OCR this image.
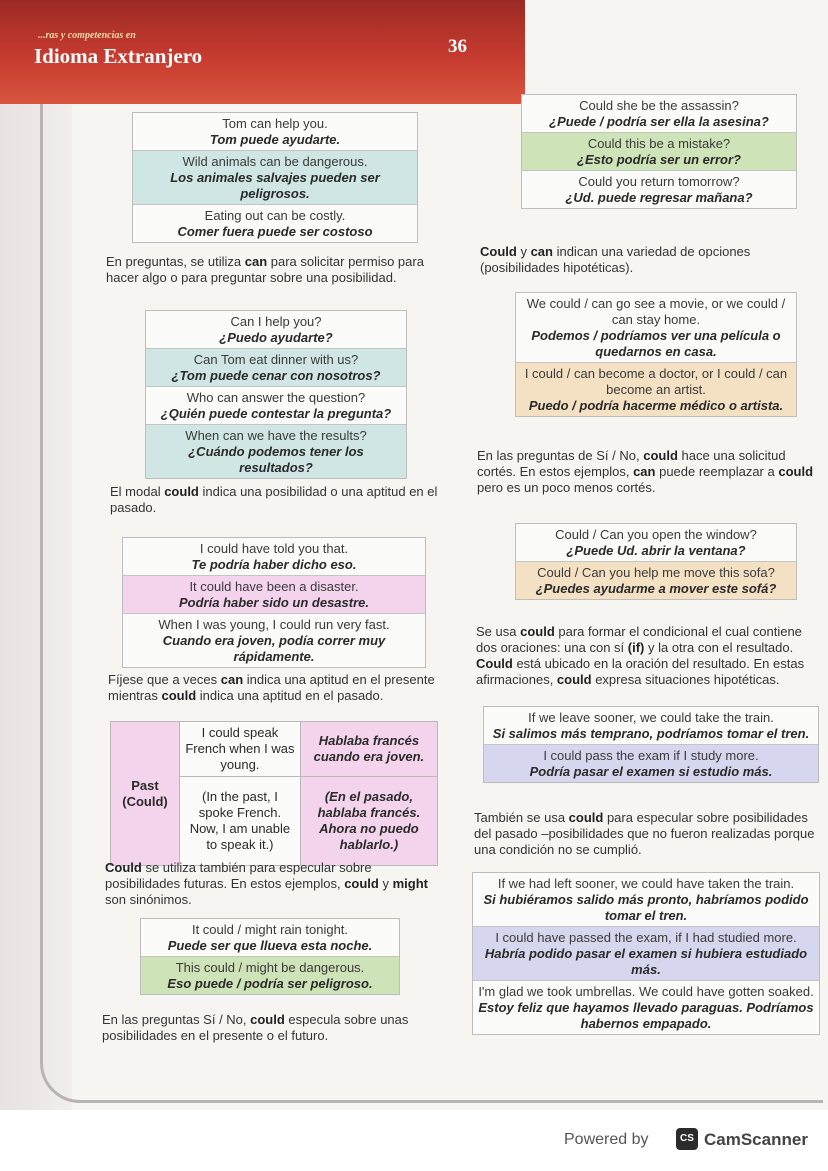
...ras y competencias en
Idioma Extranjero	36
Tom can help you.
Tom puede ayudarte.
Wild animals can be dangerous.
Los animales salvajes pueden ser peligrosos.
Eating out can be costly.
Comer fuera puede ser costoso
En preguntas, se utiliza can para solicitar permiso para hacer algo o para preguntar sobre una posibilidad.
Can I help you?
¿Puedo ayudarte?
Can Tom eat dinner with us?
¿Tom puede cenar con nosotros?
Who can answer the question?
¿Quién puede contestar la pregunta?
When can we have the results?
¿Cuándo podemos tener los resultados?
El modal could indica una posibilidad o una aptitud en el pasado.
I could have told you that.
Te podría haber dicho eso.
It could have been a disaster.
Podría haber sido un desastre.
When I was young, I could run very fast.
Cuando era joven, podía correr muy rápidamente.
Fíjese que a veces can indica una aptitud en el presente mientras could indica una aptitud en el pasado.
Past (Could)	I could speak French when I was young.	Hablaba francés cuando era joven.
	(In the past, I spoke French. Now, I am unable to speak it.)	(En el pasado, hablaba francés. Ahora no puedo hablarlo.)
Could se utiliza también para especular sobre posibilidades futuras. En estos ejemplos, could y might son sinónimos.
It could / might rain tonight.
Puede ser que llueva esta noche.
This could / might be dangerous.
Eso puede / podría ser peligroso.
En las preguntas Sí / No, could especula sobre unas posibilidades en el presente o el futuro.
Could she be the assassin?
¿Puede / podría ser ella la asesina?
Could this be a mistake?
¿Esto podría ser un error?
Could you return tomorrow?
¿Ud. puede regresar mañana?
Could y can indican una variedad de opciones (posibilidades hipotéticas).
We could / can go see a movie, or we could / can stay home.
Podemos / podríamos ver una película o quedarnos en casa.
I could / can become a doctor, or I could / can become an artist.
Puedo / podría hacerme médico o artista.
En las preguntas de Sí / No, could hace una solicitud cortés. En estos ejemplos, can puede reemplazar a could pero es un poco menos cortés.
Could / Can you open the window?
¿Puede Ud. abrir la ventana?
Could / Can you help me move this sofa?
¿Puedes ayudarme a mover este sofá?
Se usa could para formar el condicional el cual contiene dos oraciones: una con sí (if) y la otra con el resultado. Could está ubicado en la oración del resultado. En estas afirmaciones, could expresa situaciones hipotéticas.
If we leave sooner, we could take the train.
Si salimos más temprano, podríamos tomar el tren.
I could pass the exam if I study more.
Podría pasar el examen si estudio más.
También se usa could para especular sobre posibilidades del pasado –posibilidades que no fueron realizadas porque una condición no se cumplió.
If we had left sooner, we could have taken the train.
Si hubiéramos salido más pronto, habríamos podido tomar el tren.
I could have passed the exam, if I had studied more.
Habría podido pasar el examen si hubiera estudiado más.
I'm glad we took umbrellas. We could have gotten soaked.
Estoy feliz que hayamos llevado paraguas. Podríamos habernos empapado.
Powered by	CS CamScanner
